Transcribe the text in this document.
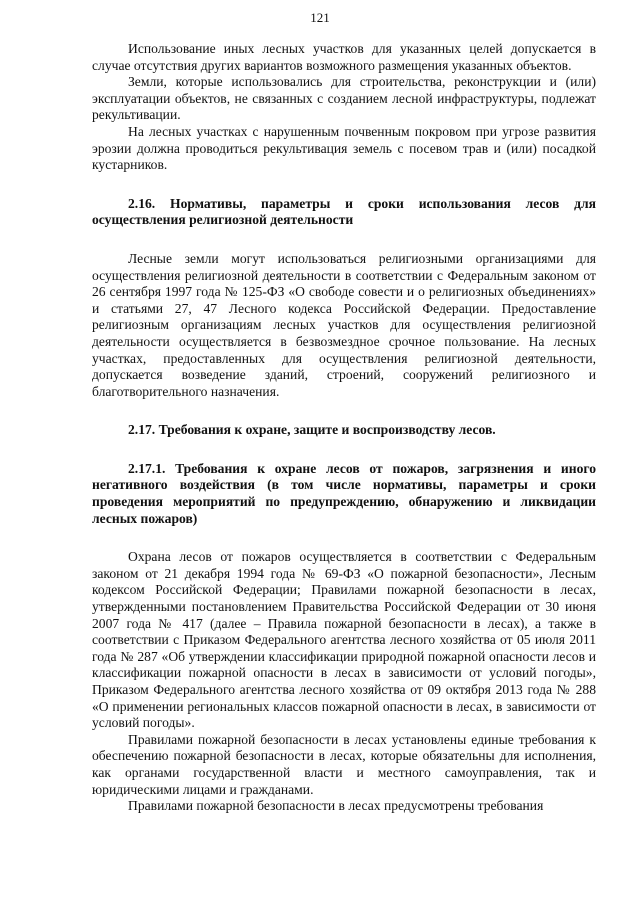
121

Использование иных лесных участков для указанных целей допускается в случае отсутствия других вариантов возможного размещения указанных объектов.

Земли, которые использовались для строительства, реконструкции и (или) эксплуатации объектов, не связанных с созданием лесной инфраструктуры, подлежат рекультивации.

На лесных участках с нарушенным почвенным покровом при угрозе развития эрозии должна проводиться рекультивация земель с посевом трав и (или) посадкой кустарников.

2.16. Нормативы, параметры и сроки использования лесов для осуществления религиозной деятельности

Лесные земли могут использоваться религиозными организациями для осуществления религиозной деятельности в соответствии с Федеральным законом от 26 сентября 1997 года № 125-ФЗ «О свободе совести и о религиозных объединениях» и статьями 27, 47 Лесного кодекса Российской Федерации. Предоставление религиозным организациям лесных участков для осуществления религиозной деятельности осуществляется в безвозмездное срочное пользование. На лесных участках, предоставленных для осуществления религиозной деятельности, допускается возведение зданий, строений, сооружений религиозного и благотворительного назначения.

2.17. Требования к охране, защите и воспроизводству лесов.

2.17.1. Требования к охране лесов от пожаров, загрязнения и иного негативного воздействия (в том числе нормативы, параметры и сроки проведения мероприятий по предупреждению, обнаружению и ликвидации лесных пожаров)

Охрана лесов от пожаров осуществляется в соответствии с Федеральным законом от 21 декабря 1994 года № 69-ФЗ «О пожарной безопасности», Лесным кодексом Российской Федерации; Правилами пожарной безопасности в лесах, утвержденными постановлением Правительства Российской Федерации от 30 июня 2007 года № 417 (далее – Правила пожарной безопасности в лесах), а также в соответствии с Приказом Федерального агентства лесного хозяйства от 05 июля 2011 года № 287 «Об утверждении классификации природной пожарной опасности лесов и классификации пожарной опасности в лесах в зависимости от условий погоды», Приказом Федерального агентства лесного хозяйства от 09 октября 2013 года № 288 «О применении региональных классов пожарной опасности в лесах, в зависимости от условий погоды».

Правилами пожарной безопасности в лесах установлены единые требования к обеспечению пожарной безопасности в лесах, которые обязательны для исполнения, как органами государственной власти и местного самоуправления, так и юридическими лицами и гражданами.

Правилами пожарной безопасности в лесах предусмотрены требования
